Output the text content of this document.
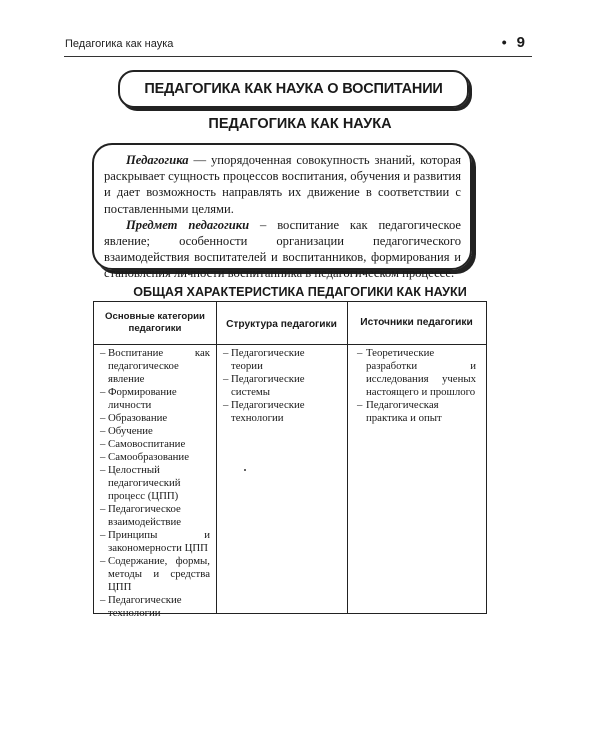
Педагогика как наука	• 9
ПЕДАГОГИКА КАК НАУКА О ВОСПИТАНИИ
ПЕДАГОГИКА КАК НАУКА

Педагогика — упорядоченная совокупность знаний, которая раскрывает сущность процессов воспитания, обучения и развития и дает возможность направлять их движение в соответствии с поставленными целями.

Предмет педагогики – воспитание как педагогическое явление; особенности организации педагогического взаимодействия воспитателей и воспитанников, формирования и становления личности воспитанника в педагогическом процессе.

ОБЩАЯ ХАРАКТЕРИСТИКА ПЕДАГОГИКИ КАК НАУКИ
Основные категории педагогики
– Воспитание как педагогическое явление
– Формирование личности
– Образование
– Обучение
– Самовоспитание
– Самообразование
– Целостный педагогический процесс (ЦПП)
– Педагогическое взаимодействие
– Принципы и закономерности ЦПП
– Содержание, формы, методы и средства ЦПП
– Педагогические технологии
Структура педагогики
– Педагогические теории
– Педагогические системы
– Педагогические технологии
Источники педагогики
– Теоретические разработки и исследования ученых настоящего и прошлого
– Педагогическая практика и опыт
